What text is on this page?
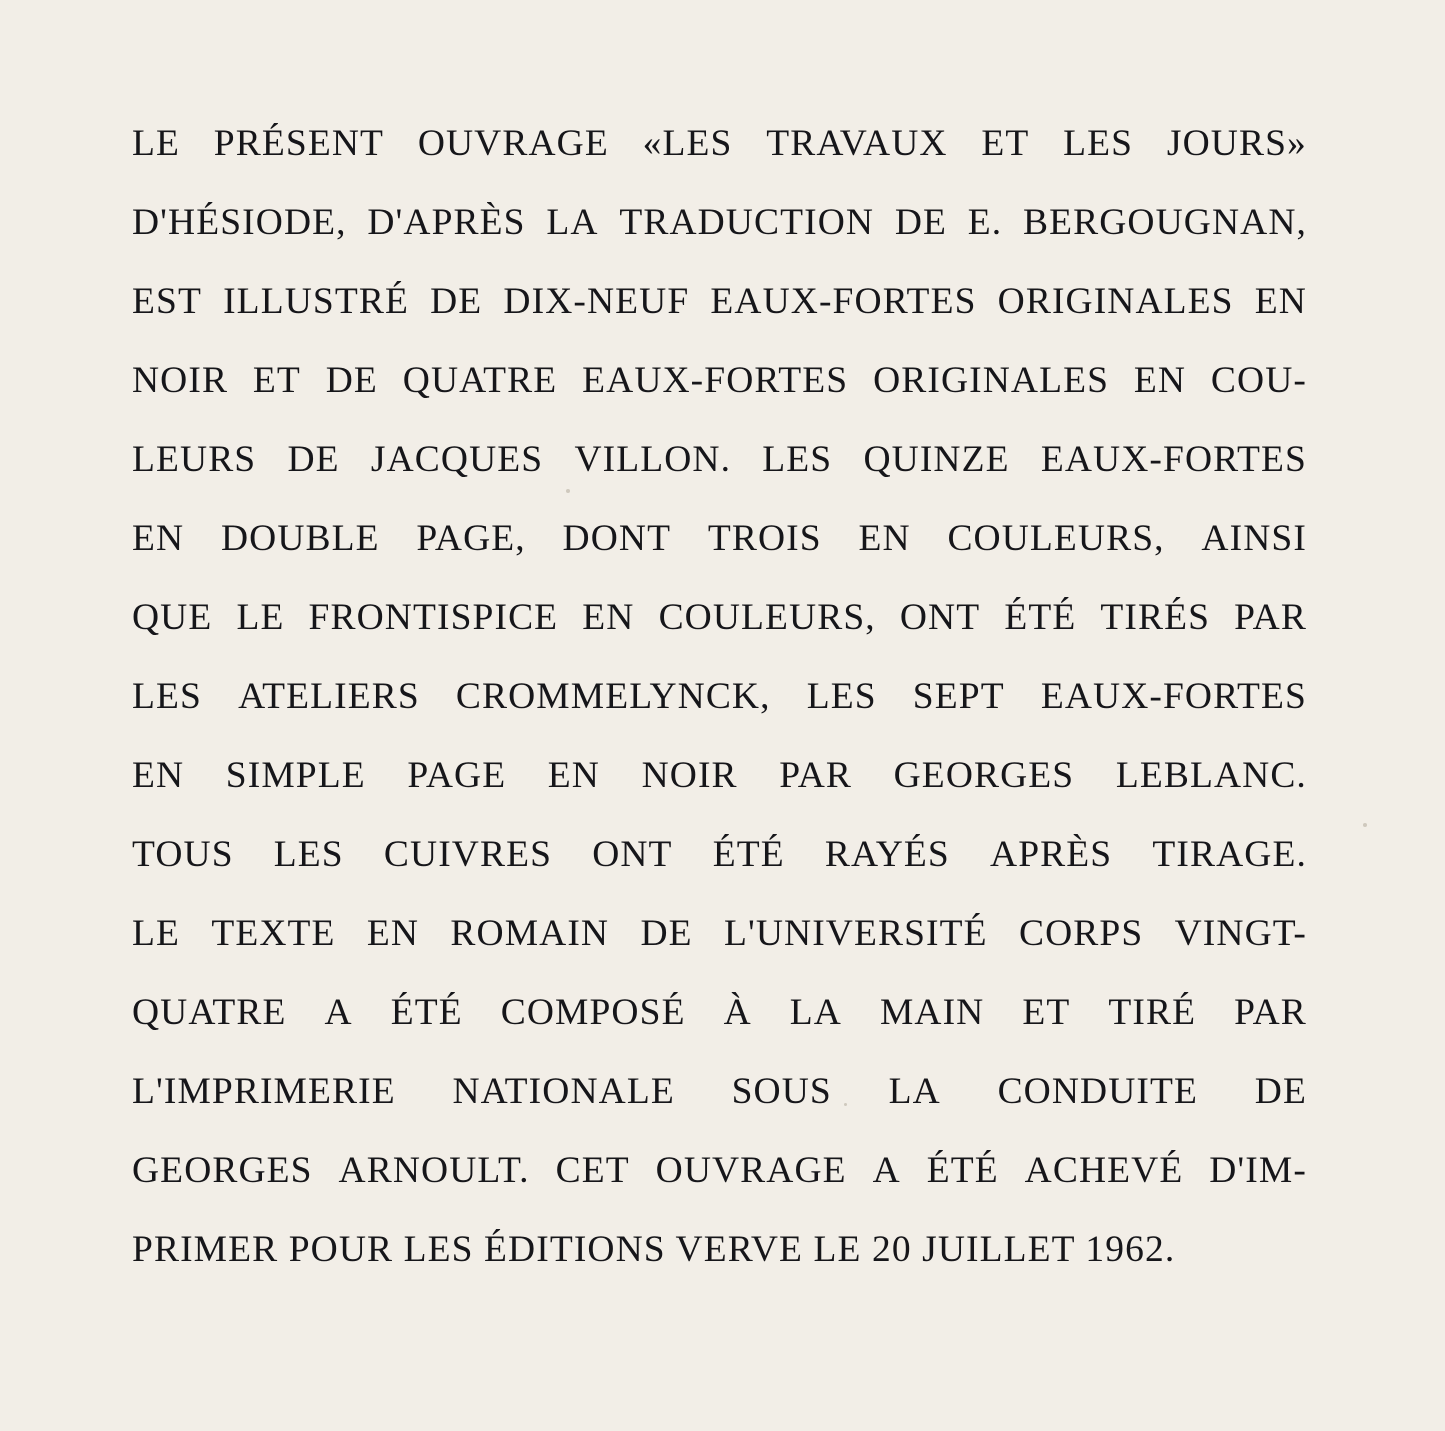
LE PRÉSENT OUVRAGE «LES TRAVAUX ET LES JOURS»
D'HÉSIODE, D'APRÈS LA TRADUCTION DE E. BERGOUGNAN,
EST ILLUSTRÉ DE DIX-NEUF EAUX-FORTES ORIGINALES EN
NOIR ET DE QUATRE EAUX-FORTES ORIGINALES EN COU-
LEURS DE JACQUES VILLON. LES QUINZE EAUX-FORTES
EN DOUBLE PAGE, DONT TROIS EN COULEURS, AINSI
QUE LE FRONTISPICE EN COULEURS, ONT ÉTÉ TIRÉS PAR
LES ATELIERS CROMMELYNCK, LES SEPT EAUX-FORTES
EN SIMPLE PAGE EN NOIR PAR GEORGES LEBLANC.
TOUS LES CUIVRES ONT ÉTÉ RAYÉS APRÈS TIRAGE.
LE TEXTE EN ROMAIN DE L'UNIVERSITÉ CORPS VINGT-
QUATRE A ÉTÉ COMPOSÉ À LA MAIN ET TIRÉ PAR
L'IMPRIMERIE NATIONALE SOUS LA CONDUITE DE
GEORGES ARNOULT. CET OUVRAGE A ÉTÉ ACHEVÉ D'IM-
PRIMER POUR LES ÉDITIONS VERVE LE 20 JUILLET 1962.
